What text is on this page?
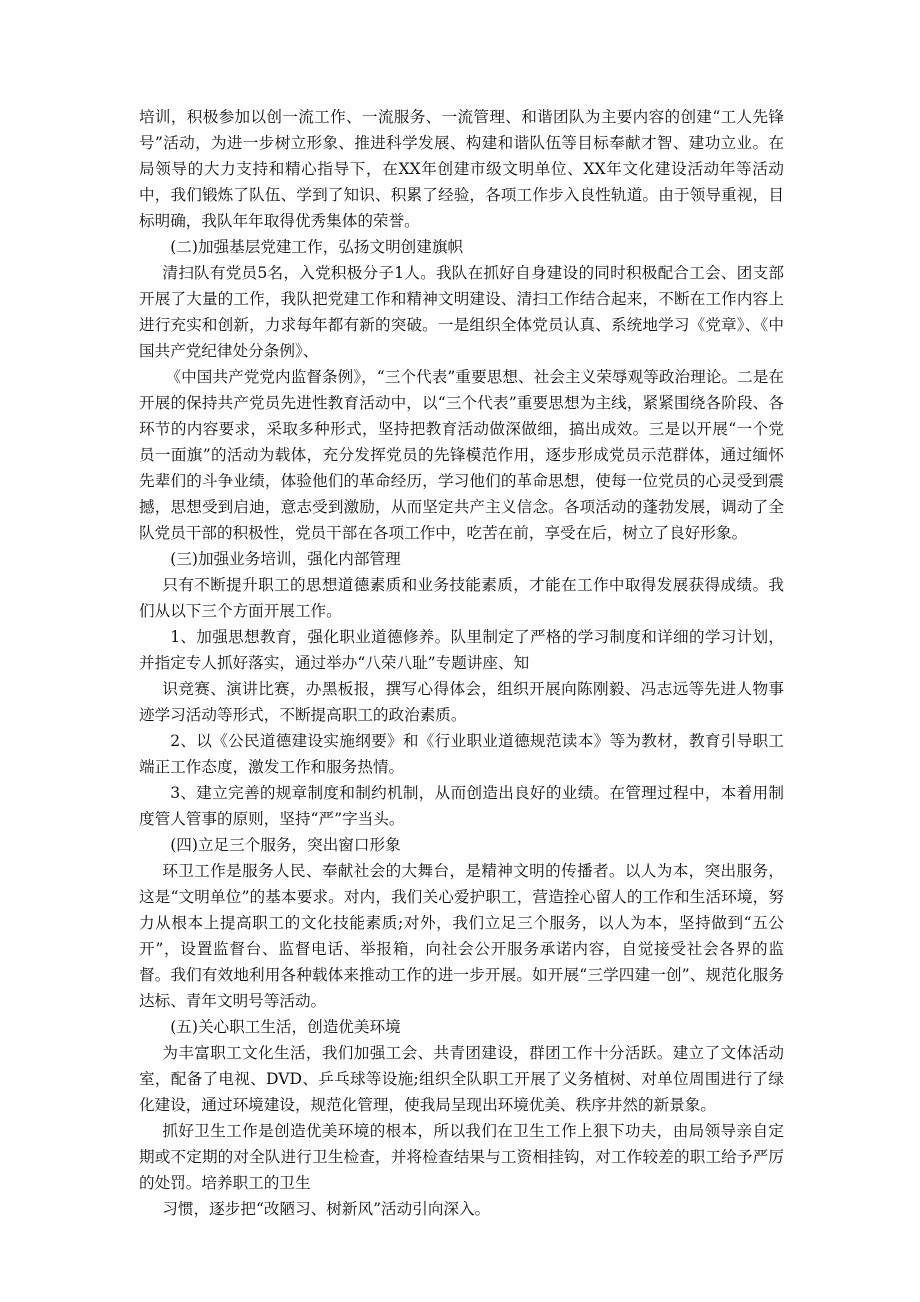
培训，积极参加以创一流工作、一流服务、一流管理、和谐团队为主要内容的创建“工人先锋号”活动，为进一步树立形象、推进科学发展、构建和谐队伍等目标奉献才智、建功立业。在局领导的大力支持和精心指导下，在XX年创建市级文明单位、XX年文化建设活动年等活动中，我们锻炼了队伍、学到了知识、积累了经验，各项工作步入良性轨道。由于领导重视，目标明确，我队年年取得优秀集体的荣誉。

(二)加强基层党建工作，弘扬文明创建旗帜

清扫队有党员5名，入党积极分子1人。我队在抓好自身建设的同时积极配合工会、团支部开展了大量的工作，我队把党建工作和精神文明建设、清扫工作结合起来，不断在工作内容上进行充实和创新，力求每年都有新的突破。一是组织全体党员认真、系统地学习《党章》、《中国共产党纪律处分条例》、

《中国共产党党内监督条例》，“三个代表”重要思想、社会主义荣辱观等政治理论。二是在开展的保持共产党员先进性教育活动中，以“三个代表”重要思想为主线，紧紧围绕各阶段、各环节的内容要求，采取多种形式，坚持把教育活动做深做细，搞出成效。三是以开展“一个党员一面旗”的活动为载体，充分发挥党员的先锋模范作用，逐步形成党员示范群体，通过缅怀先辈们的斗争业绩，体验他们的革命经历，学习他们的革命思想，使每一位党员的心灵受到震撼，思想受到启迪，意志受到激励，从而坚定共产主义信念。各项活动的蓬勃发展，调动了全队党员干部的积极性，党员干部在各项工作中，吃苦在前，享受在后，树立了良好形象。

(三)加强业务培训，强化内部管理

只有不断提升职工的思想道德素质和业务技能素质，才能在工作中取得发展获得成绩。我们从以下三个方面开展工作。

1、加强思想教育，强化职业道德修养。队里制定了严格的学习制度和详细的学习计划，并指定专人抓好落实，通过举办“八荣八耻”专题讲座、知

识竞赛、演讲比赛，办黑板报，撰写心得体会，组织开展向陈刚毅、冯志远等先进人物事迹学习活动等形式，不断提高职工的政治素质。

2、以《公民道德建设实施纲要》和《行业职业道德规范读本》等为教材，教育引导职工端正工作态度，激发工作和服务热情。

3、建立完善的规章制度和制约机制，从而创造出良好的业绩。在管理过程中，本着用制度管人管事的原则，坚持“严”字当头。

(四)立足三个服务，突出窗口形象

环卫工作是服务人民、奉献社会的大舞台，是精神文明的传播者。以人为本，突出服务，这是“文明单位”的基本要求。对内，我们关心爱护职工，营造拴心留人的工作和生活环境，努力从根本上提高职工的文化技能素质;对外，我们立足三个服务，以人为本，坚持做到“五公开”，设置监督台、监督电话、举报箱，向社会公开服务承诺内容，自觉接受社会各界的监督。我们有效地利用各种载体来推动工作的进一步开展。如开展“三学四建一创”、规范化服务达标、青年文明号等活动。

(五)关心职工生活，创造优美环境

为丰富职工文化生活，我们加强工会、共青团建设，群团工作十分活跃。建立了文体活动室，配备了电视、DVD、乒乓球等设施;组织全队职工开展了义务植树、对单位周围进行了绿化建设，通过环境建设，规范化管理，使我局呈现出环境优美、秩序井然的新景象。

抓好卫生工作是创造优美环境的根本，所以我们在卫生工作上狠下功夫，由局领导亲自定期或不定期的对全队进行卫生检查，并将检查结果与工资相挂钩，对工作较差的职工给予严厉的处罚。培养职工的卫生

习惯，逐步把“改陋习、树新风”活动引向深入。
